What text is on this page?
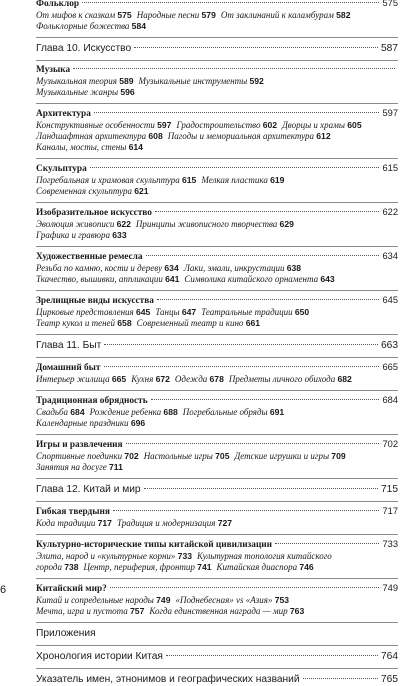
Фольклор	575
От мифов к сказкам 575 Народные песни 579 От заклинаний к каламбурам 582
Фольклорные божества 584
Глава 10. Искусство	587
Музыка
Музыкальная теория 589 Музыкальные инструменты 592
Музыкальные жанры 596
Архитектура	597
Конструктивные особенности 597 Градостроительство 602 Дворцы и храмы 605
Ландшафтная архитектура 608 Пагоды и мемориальная архитектура 612
Каналы, мосты, стены 614
Скульптура	615
Погребальная и храмовая скульптура 615 Мелкая пластика 619
Современная скульптура 621
Изобразительное искусство	622
Эволюция живописи 622 Принципы живописного творчества 629
Графика и гравюра 633
Художественные ремесла	634
Резьба по камню, кости и дереву 634 Лаки, эмали, инкрустации 638
Ткачество, вышивки, аппликации 641 Символика китайского орнамента 643
Зрелищные виды искусства	645
Цирковые представления 645 Танцы 647 Театральные традиции 650
Театр кукол и теней 658 Современный театр и кино 661
Глава 11. Быт	663
Домашний быт	665
Интерьер жилища 665 Кухня 672 Одежда 678 Предметы личного обихода 682
Традиционная обрядность	684
Свадьба 684 Рождение ребенка 688 Погребальные обряды 691
Календарные праздники 696
Игры и развлечения	702
Спортивные поединки 702 Настольные игры 705 Детские игрушки и игры 709
Занятия на досуге 711
Глава 12. Китай и мир	715
Гибкая твердыня	717
Кода традиции 717 Традиция и модернизация 727
Культурно-исторические типы китайской цивилизации	733
Элита, народ и «культурные корни» 733 Культурная топология китайского
города 738 Центр, периферия, фронтир 741 Китайская диаспора 746
Китайский мир?	749
Китай и сопредельные народы 749 «Поднебесная» vs «Азия» 753
Мечта, игра и пустота 757 Когда единственная награда — мир 763
Приложения
Хронология истории Китая	764
Указатель имен, этнонимов и географических названий	765
6
